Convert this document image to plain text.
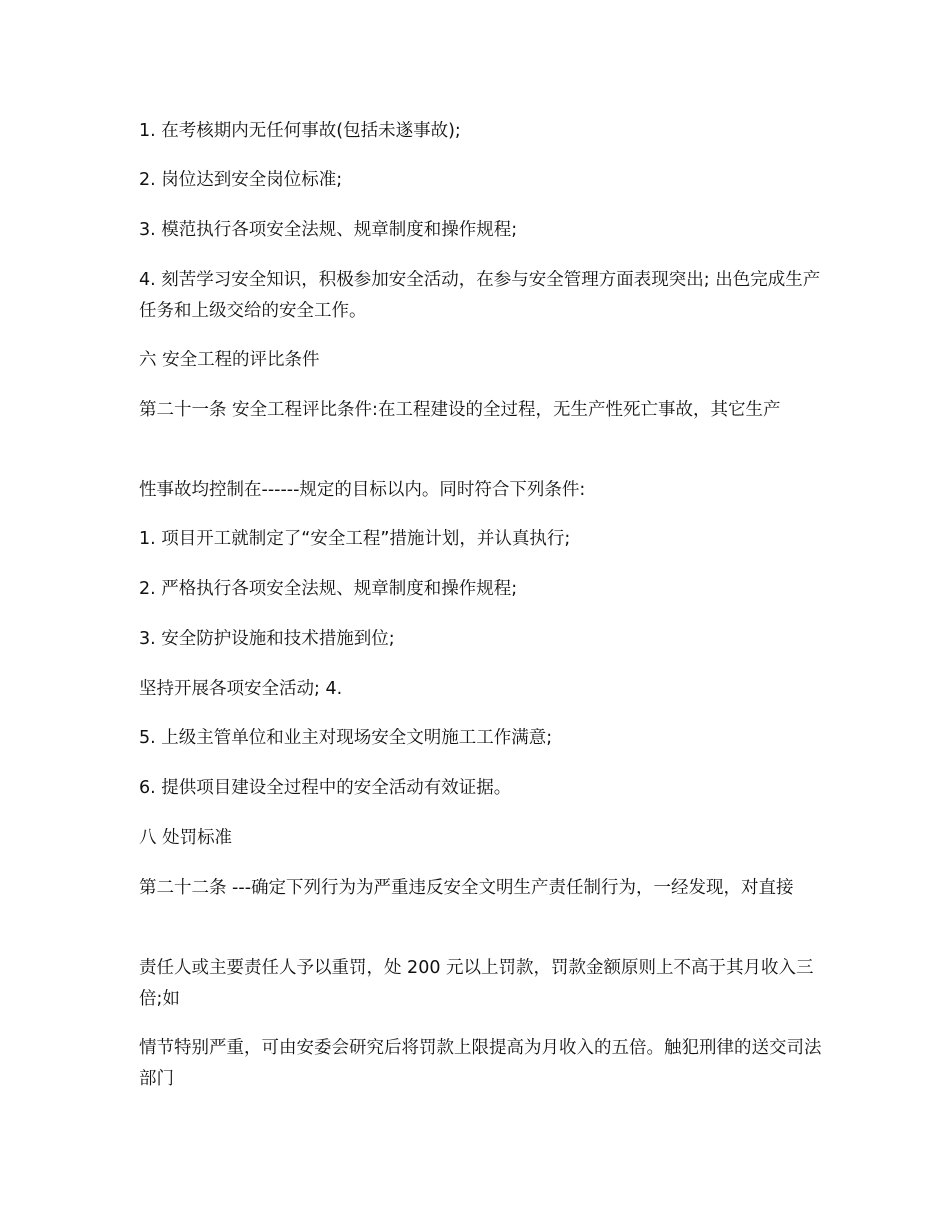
1. 在考核期内无任何事故(包括未遂事故);

2. 岗位达到安全岗位标准;

3. 模范执行各项安全法规、规章制度和操作规程;

4. 刻苦学习安全知识，积极参加安全活动，在参与安全管理方面表现突出; 出色完成生产任务和上级交给的安全工作。

六 安全工程的评比条件

第二十一条 安全工程评比条件:在工程建设的全过程，无生产性死亡事故，其它生产

性事故均控制在------规定的目标以内。同时符合下列条件:

1. 项目开工就制定了“安全工程”措施计划，并认真执行;

2. 严格执行各项安全法规、规章制度和操作规程;

3. 安全防护设施和技术措施到位;

坚持开展各项安全活动; 4.

5. 上级主管单位和业主对现场安全文明施工工作满意;

6. 提供项目建设全过程中的安全活动有效证据。

八 处罚标准

第二十二条 ---确定下列行为为严重违反安全文明生产责任制行为，一经发现，对直接

责任人或主要责任人予以重罚，处 200 元以上罚款，罚款金额原则上不高于其月收入三倍;如

情节特别严重，可由安委会研究后将罚款上限提高为月收入的五倍。触犯刑律的送交司法部门
